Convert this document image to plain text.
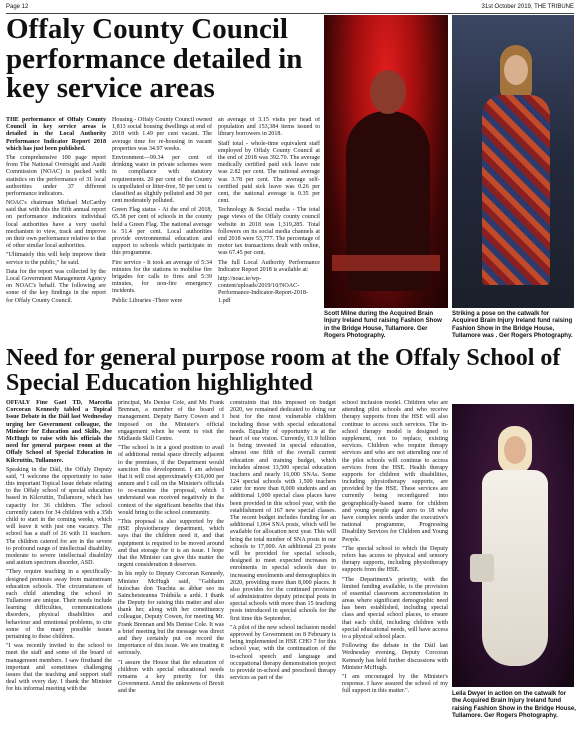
Page 12	31st October 2019, THE TRIBUNE
Offaly County Council performance detailed in key service areas

THE performance of Offaly County Council in key service areas is detailed in the Local Authority Performance Indicator Report 2018 which has just been published.

The comprehensive 100 page report from The National Oversight and Audit Commission (NOAC) is packed with statistics on the performance of 31 local authorities under 37 different performance indicators.

NOAC's chairman Michael McCarthy said that with this the fifth annual report on performance indicators individual local authorities have a very useful mechanism to view, track and improve on their own performance relative to that of other similar local authorities.

"Ultimately this will help improve their service to the public," he said.

Data for the report was collected by the Local Government Management Agency on NOAC's behalf. The following are some of the key findings in the report for Offaly County Council.

Housing - Offaly County Council owned 1,813 social housing dwellings at end of 2018 with 1.49 per cent vacant. The average time for re-housing in vacant properties was 34.97 weeks.

Environment—99.34 per cent of drinking water in private schemes were in compliance with statutory requirements. 20 per cent of the County is unpolluted or litter-free, 50 per cent is classified as slightly polluted and 30 per cent moderately polluted.

Green Flag status - At the end of 2018, 65.38 per cent of schools in the county held a Green Flag. The national average is 51.4 per cent. Local authorities provide environmental education and support to schools which participate in this programme.

Fire service - It took an average of 5:34 minutes for the stations to mobilise fire brigades for calls to fires and 5:39 minutes, for non-fire emergency incidents.

Public Libraries -There were

an average of 3.15 visits per head of population and 153,384 items issued to library borrowers in 2018.

Staff total - whole-time equivalent staff employed by Offaly County Council at the end of 2018 was 392.70. The average medically certified paid sick leave rate was 2.82 per cent. The national average was 3.78 per cent. The average self-certified paid sick leave was 0.26 per cent, the national average is 0.35 per cent.

Technology & Social media - The total page views of the Offaly county council website in 2018 was 1,319,285. Total followers on its social media channels at end 2018 were 53,777. The percentage of motor tax transactions dealt with online, was 67.45 per cent.

The full Local Authority Performance Indicator Report 2018 is available at:

http://noac.ie/wp-content/uploads/2019/10/NOAC-Performance-Indicator-Report-2018-1.pdf

Scott Milne during the Acquired Brain Injury Ireland fund raising Fashion Show in the Bridge House, Tullamore. Ger Rogers Photography.
Striking a pose on the catwalk for Acquired Brain Injury Ireland fund raising Fashion Show in the Bridge House, Tullamore was . Ger Rogers Photography.
Need for general purpose room at the Offaly School of Special Education highlighted

OFFALY Fine Gael TD, Marcella Corcoran Kennedy tabled a Topical Issue Debate in the Dáil last Wednesday urging her Government colleague, the Minister for Education and Skills, Joe McHugh to raise with his officials the need for general purpose room at the Offaly School of Special Education in Kilcruttin, Tullamore.

Speaking in the Dáil, the Offaly Deputy said, "I welcome the opportunity to raise this important Topical Issue debate relating to the Offaly school of special education based in Kilcruttin, Tullamore, which has capacity for 36 children. The school currently caters for 34 children with a 35th child to start in the coming weeks, which will leave it with just one vacancy. The school has a staff of 26 with 11 teachers. The children catered for are in the severe to profound range of intellectual disability, moderate to severe intellectual disability and autism spectrum disorder, ASD.

"They require teaching in a specifically-designed premises away from mainstream education schools. The circumstances of each child attending the school in Tullamore are unique. Their needs include learning difficulties, communications disorders, physical disabilities and behaviour and emotional problems, to cite some of the many possible issues pertaining to these children.

"I was recently invited to the school to meet the staff and some of the board of management members. I saw firsthand the important and sometimes challenging issues that the teaching and support staff deal with every day. I thank the Minister for his informal meeting with the

principal, Ms Denise Cole, and Mr. Frank Brennan, a member of the board of management. Deputy Barry Cowen and I imposed on the Minister's official engagement when he went to visit the Midlands Skill Centre.

"The school is in a good position to avail of additional rental space directly adjacent to the premises, if the Department would sanction this development. I am advised that it will cost approximately €16,000 per annum and I call on the Minister's officials to re-examine the proposal, which I understand was received negatively in the context of the significant benefits that this would bring to the school community.

"This proposal is also supported by the HSE physiotherapy department, which says that the children need it, and that equipment is required to be moved around and that storage for it is an issue. I hope that the Minister can give this matter the urgent consideration it deserves.

In his reply to Deputy Corcoran Kennedy, Minister McHugh said, "Gabhaim buíochas don Teachta as ábhar seo na Saincheisteanna Tráthúla a ardú. I thank the Deputy for raising this matter and also thank her, along with her constituency colleague, Deputy Cowen, for meeting Mr. Frank Brennan and Ms Denise Cole. It was a brief meeting but the message was direct and they certainly put on record the importance of this issue. We are treating it seriously.

"I assure the House that the education of children with special educational needs remains a key priority for this Government. Amid the unknowns of Brexit and the

constraints that this imposed on budget 2020, we remained dedicated to doing our best for the most vulnerable children including those with special educational needs. Equality of opportunity is at the heart of our vision. Currently, €1.9 billion is being invested in special education, almost one fifth of the overall current education and training budget, which includes almost 13,500 special education teachers and nearly 16,000 SNAs. Some 124 special schools with 1,500 teachers cater for more than 8,000 students and an additional 1,000 special class places have been provided in this school year, with the establishment of 167 new special classes. The recent budget includes funding for an additional 1,064 SNA posts, which will be available for allocation next year. This will bring the total number of SNA posts in our schools to 17,000. An additional 23 posts will be provided for special schools, designed to meet expected increases in enrolments in special schools due to increasing enrolments and demographics in 2020, providing more than 8,000 places. It also provides for the continued provision of administrative deputy principal posts in special schools with more than 15 teaching posts introduced in special schools for the first time this September.

"A pilot of the new school inclusion model approved by Government on 8 February is being implemented in HSE CHO 7 for this school year, with the continuation of the in-school speech and language and occupational therapy demonstration project to provide in-school and preschool therapy services as part of the

school inclusion model. Children who are attending pilot schools and who receive therapy supports from the HSE will also continue to access such services. The in-school therapy model is designed to supplement, not to replace, existing services. Children who require therapy services and who are not attending one of the pilot schools will continue to access services from the HSE. Health therapy supports for children with disabilities, including physiotherapy supports, are provided by the HSE. These services are currently being reconfigured into geographically-based teams for children and young people aged zero to 18 who have complex needs under the executive's national programme, Progressing Disability Services for Children and Young People.

"The special school to which the Deputy refers has access to physical and sensory therapy supports, including physiotherapy supports from the HSE.

"The Department's priority, with the limited funding available, is the provision of essential classroom accommodation in areas where significant demographic need has been established, including special class and special school places, to ensure that each child, including children with special educational needs, will have access to a physical school place.

Following the debate in the Dáil last Wednesday evening, Deputy Corcoran Kennedy has held further discussions with Minister McHugh.

"I am encouraged by the Minister's response. I have assured the school of my full support in this matter.".	Leila Dwyer in action on the catwalk for the Acquired Brain Injury Ireland fund raising Fashion Show in the Bridge House, Tullamore. Ger Rogers Photography.
